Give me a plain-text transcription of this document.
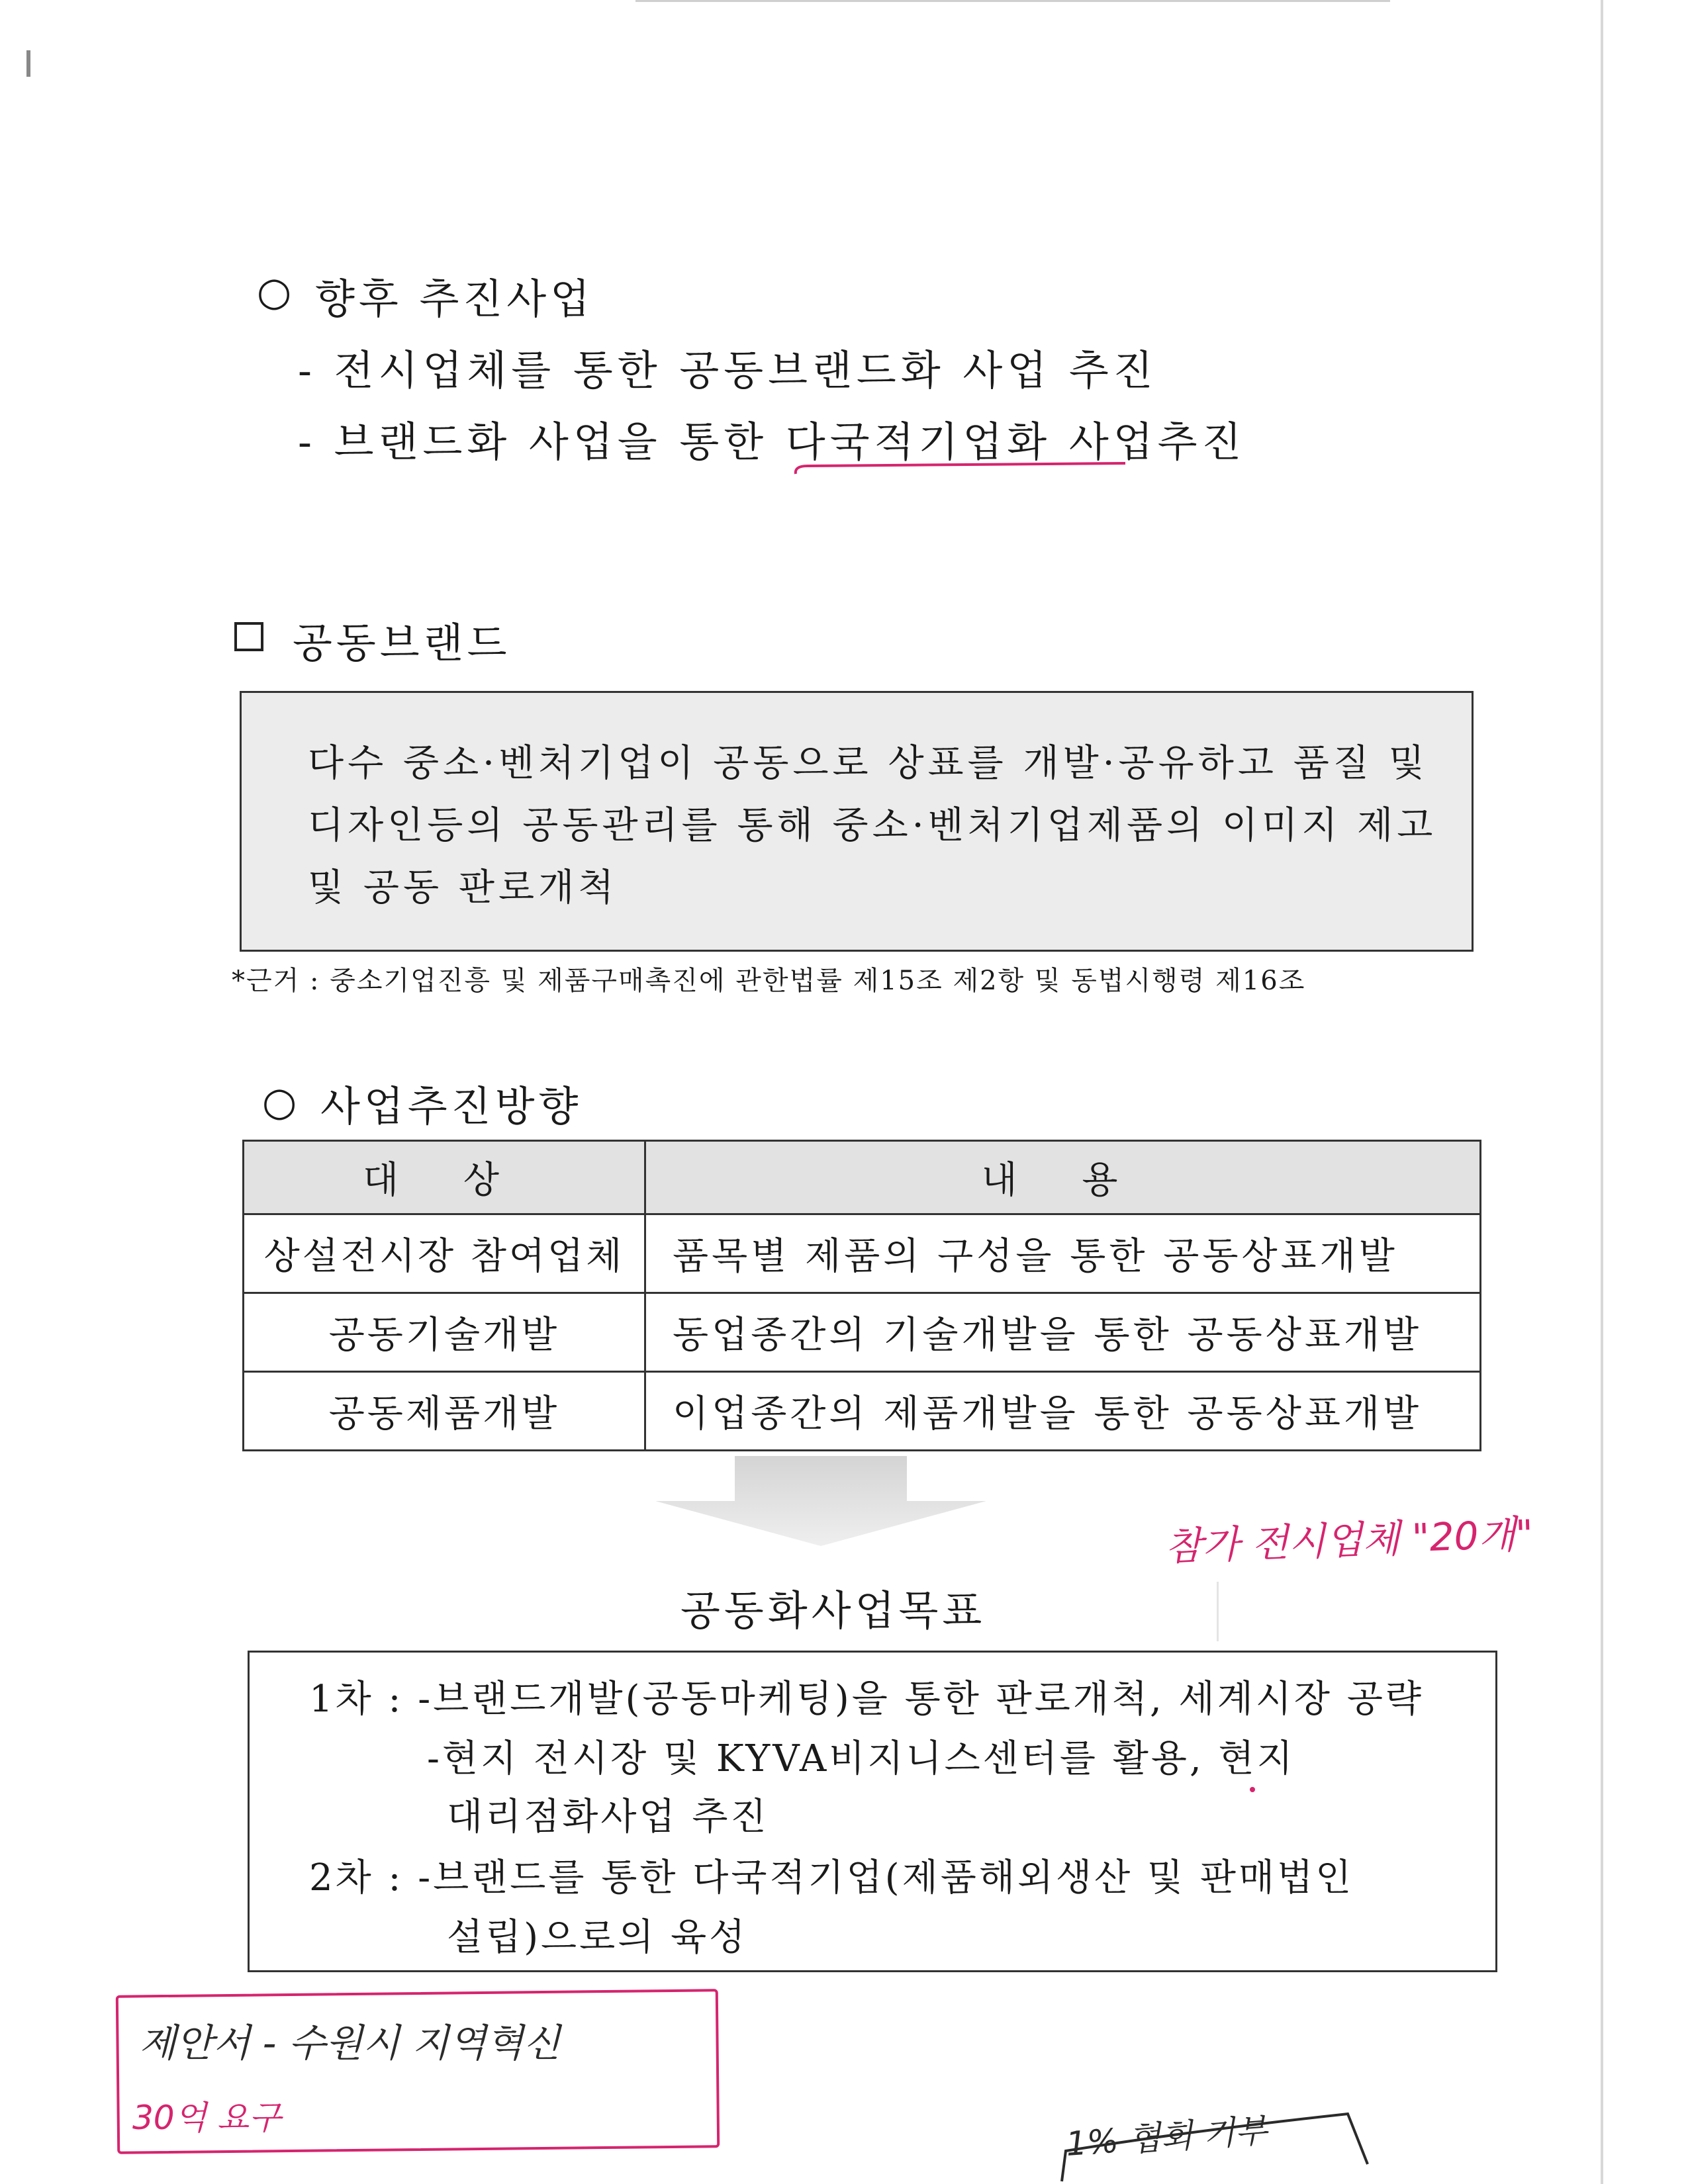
○ 향후 추진사업
- 전시업체를 통한 공동브랜드화 사업 추진
- 브랜드화 사업을 통한 다국적기업화 사업추진
공동브랜드
다수 중소·벤처기업이 공동으로 상표를 개발·공유하고 품질 및
디자인등의 공동관리를 통해 중소·벤처기업제품의 이미지 제고
및 공동 판로개척
*근거 : 중소기업진흥 및 제품구매촉진에 관한법률 제15조 제2항 및 동법시행령 제16조
○ 사업추진방향
대 상	내 용
상설전시장 참여업체	품목별 제품의 구성을 통한 공동상표개발
공동기술개발	동업종간의 기술개발을 통한 공동상표개발
공동제품개발	이업종간의 제품개발을 통한 공동상표개발
공동화사업목표
1차 : -브랜드개발(공동마케팅)을 통한 판로개척, 세계시장 공략
-현지 전시장 및 KYVA비지니스센터를 활용, 현지
대리점화사업 추진
2차 : -브랜드를 통한 다국적기업(제품해외생산 및 판매법인
설립)으로의 육성
참가 전시업체 "20개"
제안서 - 수원시 지역혁신
30억 요구	1% 협회 기부
